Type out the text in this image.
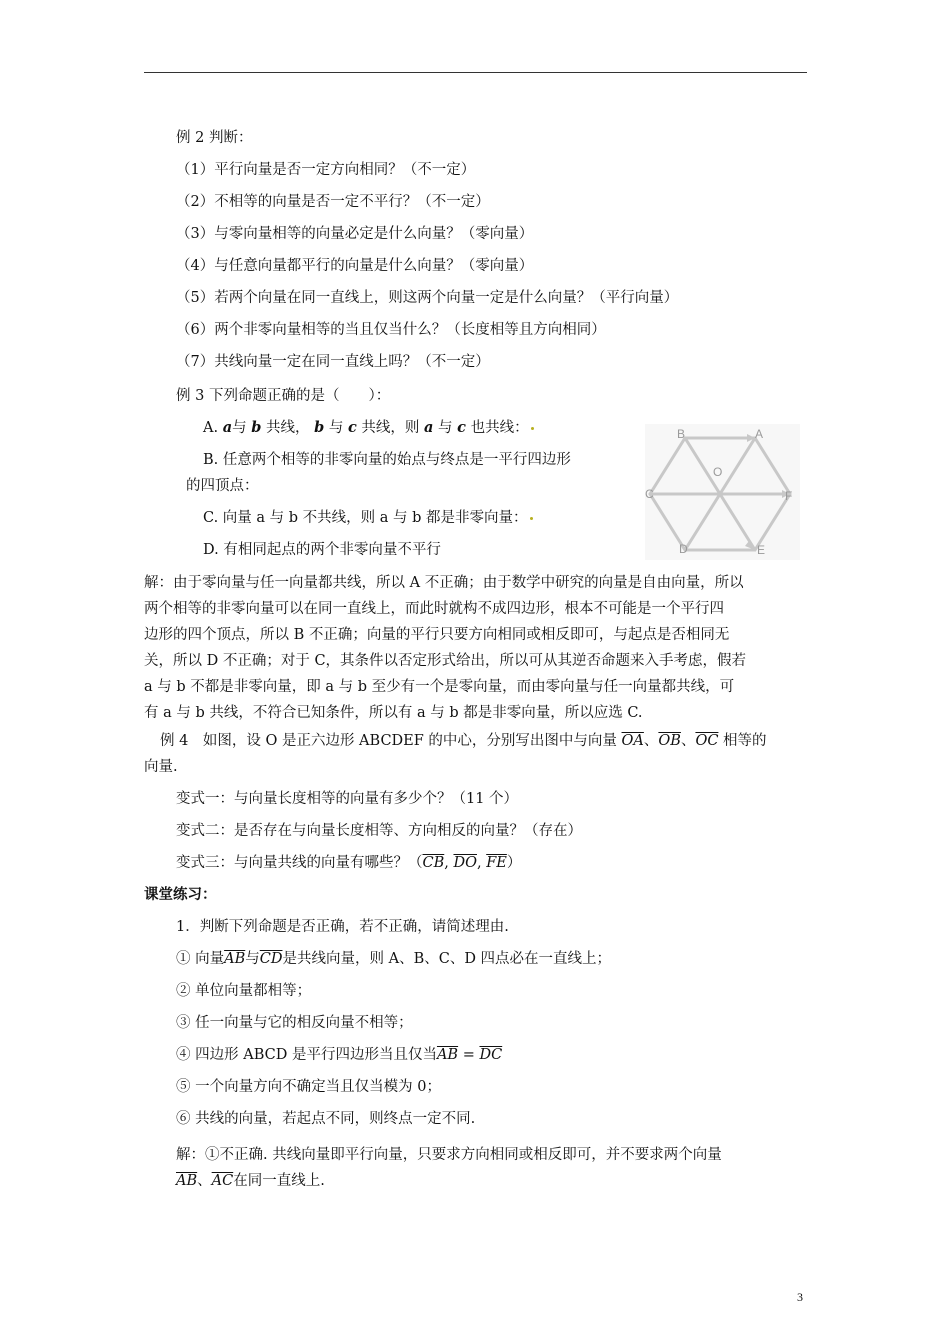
例 2 判断：
（1）平行向量是否一定方向相同？（不一定）
（2）不相等的向量是否一定不平行？（不一定）
（3）与零向量相等的向量必定是什么向量？（零向量）
（4）与任意向量都平行的向量是什么向量？（零向量）
（5）若两个向量在同一直线上，则这两个向量一定是什么向量？（平行向量）
（6）两个非零向量相等的当且仅当什么？（长度相等且方向相同）
（7）共线向量一定在同一直线上吗？（不一定）
例 3 下列命题正确的是（　　）：
A. a与 b 共线， b 与 c 共线，则 a 与 c 也共线：
B. 任意两个相等的非零向量的始点与终点是一平行四边形
的四顶点：
C. 向量 a 与 b 不共线，则 a 与 b 都是非零向量：
D. 有相同起点的两个非零向量不平行
B	A
C	F
D	E
O
解：由于零向量与任一向量都共线，所以 A 不正确；由于数学中研究的向量是自由向量，所以
两个相等的非零向量可以在同一直线上，而此时就构不成四边形，根本不可能是一个平行四
边形的四个顶点，所以 B 不正确；向量的平行只要方向相同或相反即可，与起点是否相同无
关，所以 D 不正确；对于 C，其条件以否定形式给出，所以可从其逆否命题来入手考虑，假若
a 与 b 不都是非零向量，即 a 与 b 至少有一个是零向量，而由零向量与任一向量都共线，可
有 a 与 b 共线，不符合已知条件，所以有 a 与 b 都是非零向量，所以应选 C.
例 4　如图，设 O 是正六边形 ABCDEF 的中心，分别写出图中与向量 $\overline{OA}$、$\overline{OB}$、$\overline{OC}$ 相等的
向量.
变式一：与向量长度相等的向量有多少个？（11 个）
变式二：是否存在与向量长度相等、方向相反的向量？（存在）
变式三：与向量共线的向量有哪些？（$\overline{CB}$, $\overline{DO}$, $\overline{FE}$）
课堂练习：
1．判断下列命题是否正确，若不正确，请简述理由.
① 向量$\overline{AB}$与$\overline{CD}$是共线向量，则 A、B、C、D 四点必在一直线上；
② 单位向量都相等；
③ 任一向量与它的相反向量不相等；
④ 四边形 ABCD 是平行四边形当且仅当$\overline{AB} = \overline{DC}$
⑤ 一个向量方向不确定当且仅当模为 0；
⑥ 共线的向量，若起点不同，则终点一定不同.
解：①不正确. 共线向量即平行向量，只要求方向相同或相反即可，并不要求两个向量
$\overline{AB}$、$\overline{AC}$在同一直线上.
3
